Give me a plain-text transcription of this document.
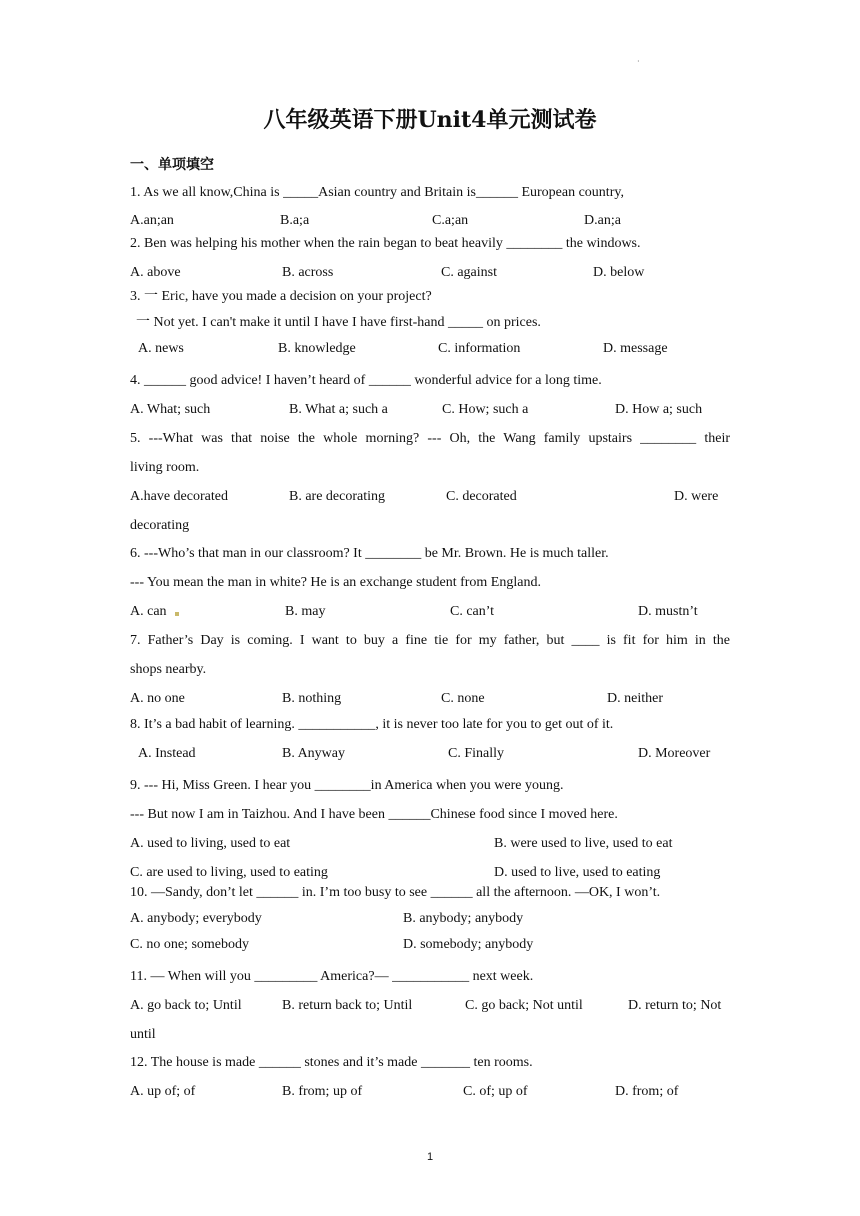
·
八年级英语下册Unit4单元测试卷
一、单项填空
1. As we all know,China is _____Asian country and Britain is______ European country,
A.an;an	B.a;a	C.a;an	D.an;a
2. Ben was helping his mother when the rain began to beat heavily ________ the windows.
A. above	B. across	C. against	D. below
3. 一 Eric, have you made a decision on your project?
一 Not yet. I can't make it until I have I have first-hand _____ on prices.
A. news	B. knowledge	C. information	D. message
4. ______ good advice! I haven’t heard of ______ wonderful advice for a long time.
A. What; such	B. What a; such a	C. How; such a	D. How a; such
5. ---What was that noise the whole morning? --- Oh, the Wang family upstairs ________ their
living room.
A.have decorated	B. are decorating	C. decorated	D. were
decorating
6. ---Who’s that man in our classroom? It ________ be Mr. Brown. He is much taller.
--- You mean the man in white? He is an exchange student from England.
A. can	B. may	C. can’t	D. mustn’t
7. Father’s Day is coming. I want to buy a fine tie for my father, but ____ is fit for him in the
shops nearby.
A. no one	B. nothing	C. none	D. neither
8. It’s a bad habit of learning. ___________, it is never too late for you to get out of it.
A. Instead	B. Anyway	C. Finally	D. Moreover
9. --- Hi, Miss Green. I hear you ________in America when you were young.
--- But now I am in Taizhou. And I have been ______Chinese food since I moved here.
A. used to living, used to eat	B. were used to live, used to eat
C. are used to living, used to eating	D. used to live, used to eating
10. —Sandy, don’t let ______ in. I’m too busy to see ______ all the afternoon. —OK, I won’t.
A. anybody; everybody	B. anybody; anybody
C. no one; somebody	D. somebody; anybody
11. — When will you _________ America?— ___________ next week.
A. go back to; Until	B. return back to; Until	C. go back; Not until	D. return to; Not
until
12. The house is made ______ stones and it’s made _______ ten rooms.
A. up of; of	B. from; up of	C. of; up of	D. from; of
1
